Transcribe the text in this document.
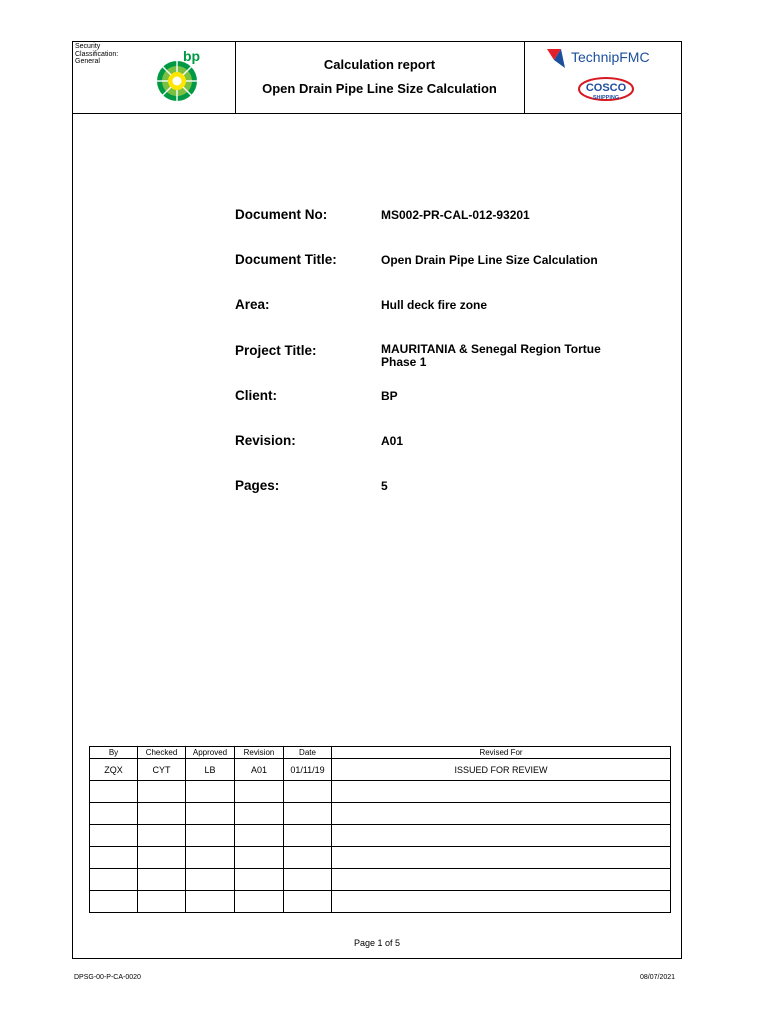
Security Classification:
General	bp
Calculation report
Open Drain Pipe Line Size Calculation
TechnipFMC
COSCO
SHIPPING
Document No:	MS002-PR-CAL-012-93201
Document Title:	Open Drain Pipe Line Size Calculation
Area:	Hull deck fire zone
Project Title:	MAURITANIA & Senegal Region Tortue Phase 1
Client:	BP
Revision:	A01
Pages:	5
By	Checked	Approved	Revision	Date	Revised For
ZQX	CYT	LB	A01	01/11/19	ISSUED FOR REVIEW

Page 1 of 5
DPSG-00-P-CA-0020	08/07/2021
